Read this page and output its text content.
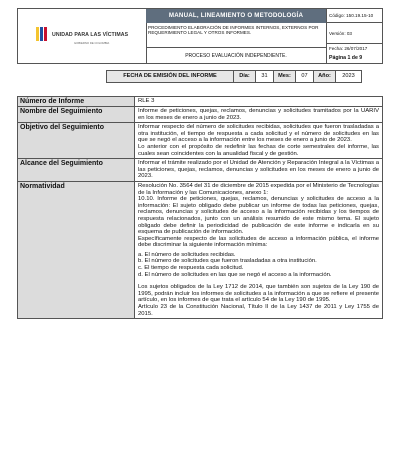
UNIDAD PARA LAS VÍCTIMAS
GOBIERNO DE COLOMBIA
MANUAL, LINEAMIENTO O METODOLOGÍA
PROCEDIMIENTO ELABORACIÓN DE INFORMES INTERNOS, EXTERNOS POR REQUERIMIENTO LEGAL Y OTROS INFORMES.
PROCESO EVALUACIÓN INDEPENDIENTE.
Código: 150.19.15-10
Versión: 03
Fecha: 26/07/2017
Página 1 de 9
FECHA DE EMISIÓN DEL INFORME	Día:	31	Mes:	07	Año:	2023
Número de Informe	RLE 3
Nombre del Seguimiento	Informe de peticiones, quejas, reclamos, denuncias y solicitudes tramitados por la UARIV en los meses de enero a junio de 2023.
Objetivo del Seguimiento	Informar respecto del número de solicitudes recibidas, solicitudes que fueron trasladadas a otra institución, el tiempo de respuesta a cada solicitud y el número de solicitudes en las que se negó el acceso a la información entre los meses de enero a junio de 2023.

Lo anterior con el propósito de redefinir las fechas de corte semestrales del informe, las cuales sean coincidentes con la anualidad fiscal y de gestión.

Alcance del Seguimiento	Informar el trámite realizado por el Unidad de Atención y Reparación Integral a la Víctimas a las peticiones, quejas, reclamos, denuncias y solicitudes en los meses de enero a junio de 2023.
Normatividad	Resolución No. 3564 del 31 de diciembre de 2015 expedida por el Ministerio de Tecnologías de la Información y las Comunicaciones, anexo 1:

10.10. Informe de peticiones, quejas, reclamos, denuncias y solicitudes de acceso a la información: El sujeto obligado debe publicar un informe de todas las peticiones, quejas, reclamos, denuncias y solicitudes de acceso a la información recibidas y los tiempos de respuesta relacionados, junto con un análisis resumido de este mismo tema. El sujeto obligado debe definir la periodicidad de publicación de este informe e indicarla en su esquema de publicación de información.

Específicamente respecto de las solicitudes de acceso a información pública, el informe debe discriminar la siguiente información mínima:

a. El número de solicitudes recibidas.

b. El número de solicitudes que fueron trasladadas a otra institución.

c. El tiempo de respuesta cada solicitud.

d. El número de solicitudes en las que se negó el acceso a la información.

Los sujetos obligados de la Ley 1712 de 2014, que también son sujetos de la Ley 190 de 1995, podrán incluir los informes de solicitudes a la información a que se refiere el presente artículo, en los informes de que trata el artículo 54 de la Ley 190 de 1995.

Artículo 23 de la Constitución Nacional, Título II de la Ley 1437 de 2011 y Ley 1755 de 2015.
